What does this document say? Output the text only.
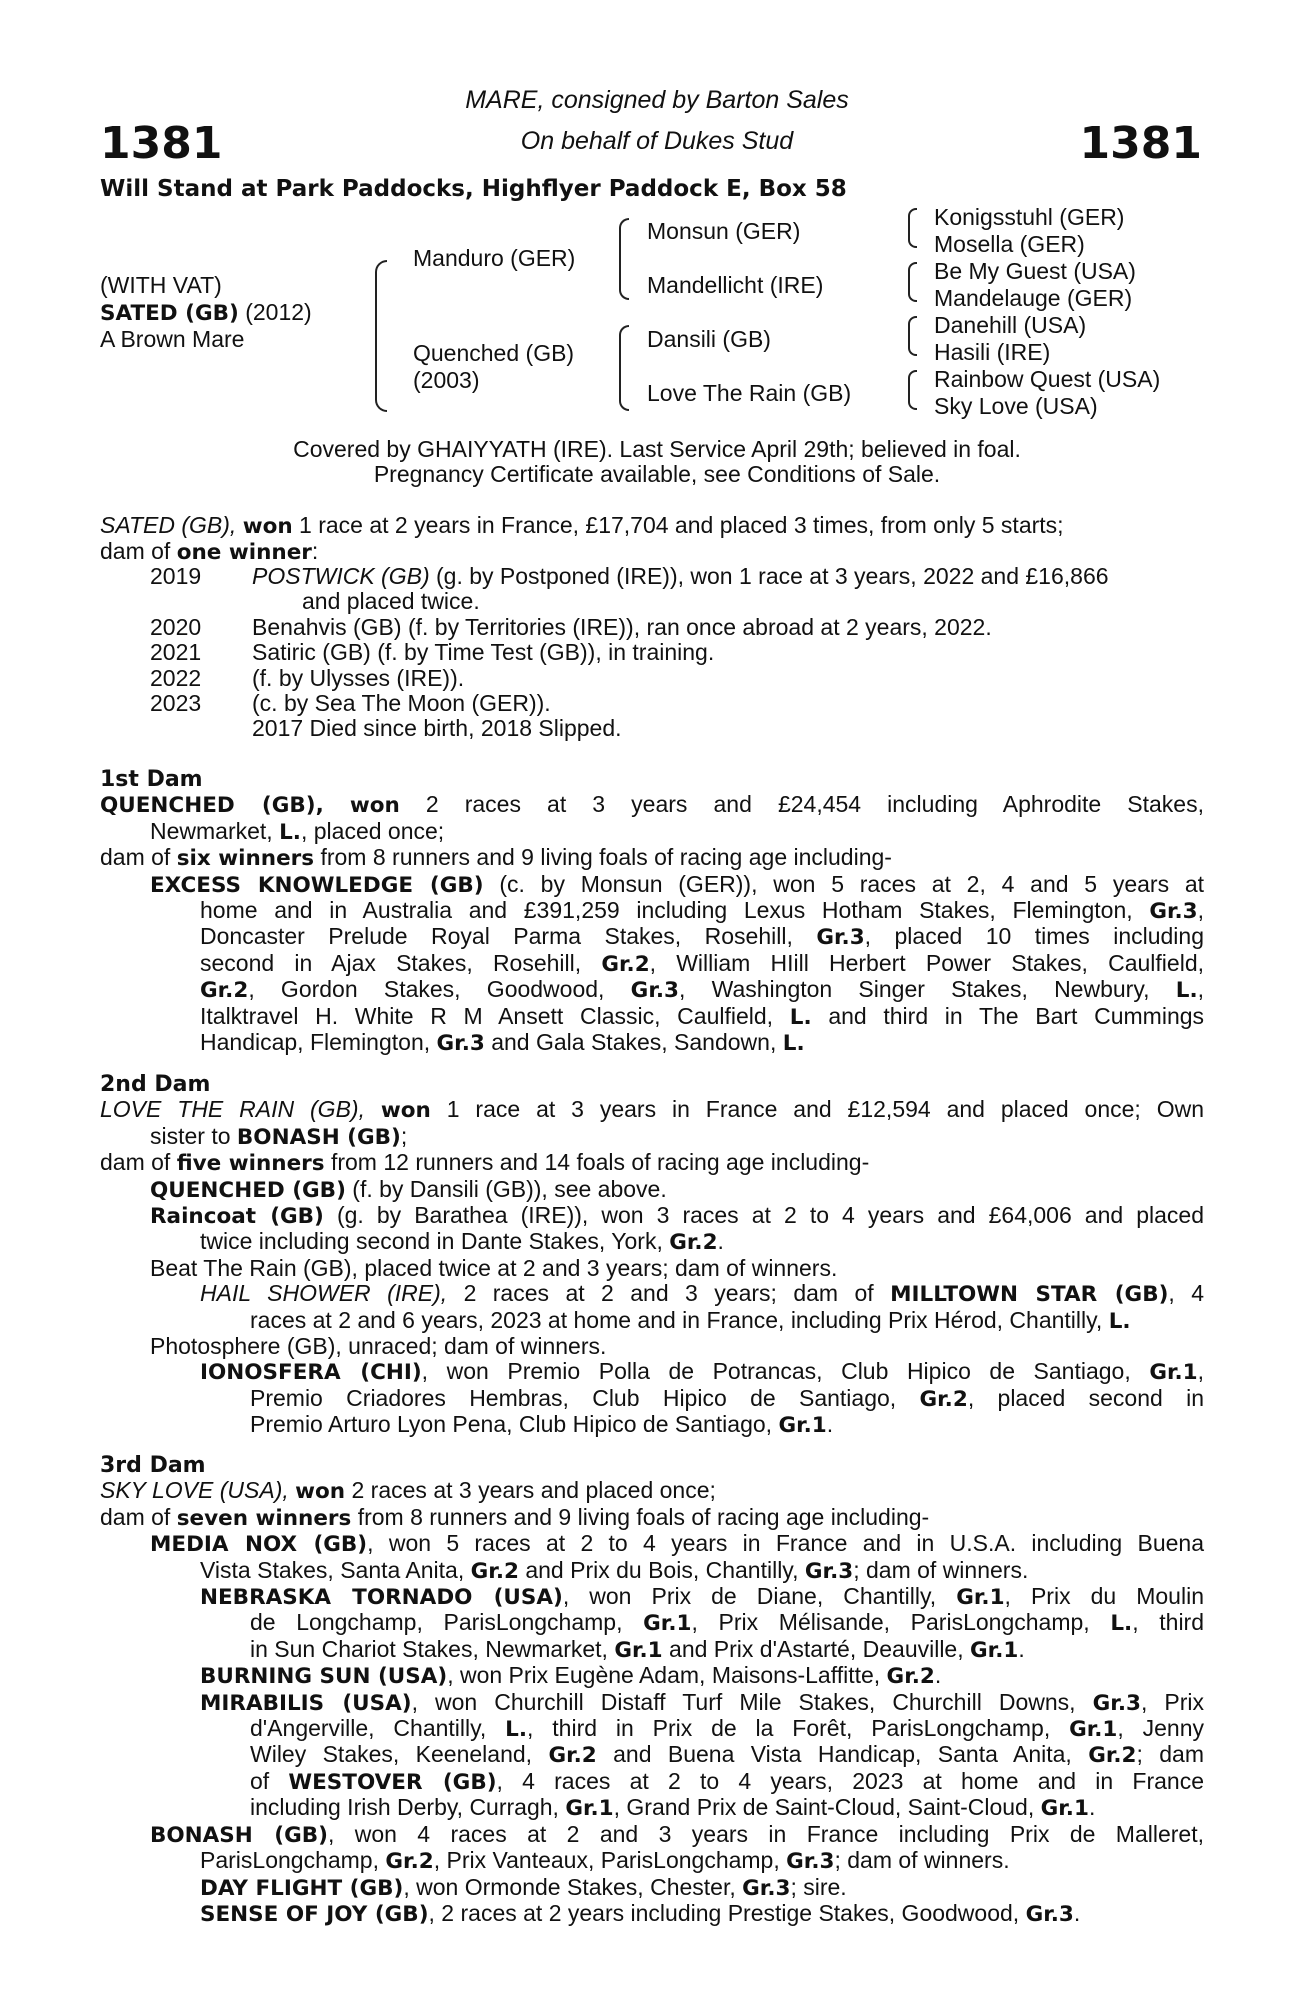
1381	1381
MARE, consigned by Barton Sales
On behalf of Dukes Stud
Will Stand at Park Paddocks, Highflyer Paddock E, Box 58
(WITH VAT)
SATED (GB) (2012)
A Brown Mare
Manduro (GER)
Quenched (GB)
(2003)
Monsun (GER)
Mandellicht (IRE)
Dansili (GB)
Love The Rain (GB)
Konigsstuhl (GER)
Mosella (GER)
Be My Guest (USA)
Mandelauge (GER)
Danehill (USA)
Hasili (IRE)
Rainbow Quest (USA)
Sky Love (USA)
Covered by GHAIYYATH (IRE). Last Service April 29th; believed in foal.
Pregnancy Certificate available, see Conditions of Sale.

SATED (GB), won 1 race at 2 years in France, £17,704 and placed 3 times, from only 5 starts;

dam of one winner:

2019 POSTWICK (GB) (g. by Postponed (IRE)), won 1 race at 3 years, 2022 and £16,866
and placed twice.
2020 Benahvis (GB) (f. by Territories (IRE)), ran once abroad at 2 years, 2022.
2021 Satiric (GB) (f. by Time Test (GB)), in training.
2022 (f. by Ulysses (IRE)).
2023 (c. by Sea The Moon (GER)).
2017 Died since birth, 2018 Slipped.

1st Dam

QUENCHED (GB), won 2 races at 3 years and £24,454 including Aphrodite Stakes,

Newmarket, L., placed once;

dam of six winners from 8 runners and 9 living foals of racing age including-

EXCESS KNOWLEDGE (GB) (c. by Monsun (GER)), won 5 races at 2, 4 and 5 years at

home and in Australia and £391,259 including Lexus Hotham Stakes, Flemington, Gr.3,

Doncaster Prelude Royal Parma Stakes, Rosehill, Gr.3, placed 10 times including

second in Ajax Stakes, Rosehill, Gr.2, William HIill Herbert Power Stakes, Caulfield,

Gr.2, Gordon Stakes, Goodwood, Gr.3, Washington Singer Stakes, Newbury, L.,

Italktravel H. White R M Ansett Classic, Caulfield, L. and third in The Bart Cummings

Handicap, Flemington, Gr.3 and Gala Stakes, Sandown, L.

2nd Dam

LOVE THE RAIN (GB), won 1 race at 3 years in France and £12,594 and placed once; Own

sister to BONASH (GB);

dam of five winners from 12 runners and 14 foals of racing age including-

QUENCHED (GB) (f. by Dansili (GB)), see above.

Raincoat (GB) (g. by Barathea (IRE)), won 3 races at 2 to 4 years and £64,006 and placed

twice including second in Dante Stakes, York, Gr.2.

Beat The Rain (GB), placed twice at 2 and 3 years; dam of winners.

HAIL SHOWER (IRE), 2 races at 2 and 3 years; dam of MILLTOWN STAR (GB), 4

races at 2 and 6 years, 2023 at home and in France, including Prix Hérod, Chantilly, L.

Photosphere (GB), unraced; dam of winners.

IONOSFERA (CHI), won Premio Polla de Potrancas, Club Hipico de Santiago, Gr.1,

Premio Criadores Hembras, Club Hipico de Santiago, Gr.2, placed second in

Premio Arturo Lyon Pena, Club Hipico de Santiago, Gr.1.

3rd Dam

SKY LOVE (USA), won 2 races at 3 years and placed once;

dam of seven winners from 8 runners and 9 living foals of racing age including-

MEDIA NOX (GB), won 5 races at 2 to 4 years in France and in U.S.A. including Buena

Vista Stakes, Santa Anita, Gr.2 and Prix du Bois, Chantilly, Gr.3; dam of winners.

NEBRASKA TORNADO (USA), won Prix de Diane, Chantilly, Gr.1, Prix du Moulin

de Longchamp, ParisLongchamp, Gr.1, Prix Mélisande, ParisLongchamp, L., third

in Sun Chariot Stakes, Newmarket, Gr.1 and Prix d'Astarté, Deauville, Gr.1.

BURNING SUN (USA), won Prix Eugène Adam, Maisons-Laffitte, Gr.2.

MIRABILIS (USA), won Churchill Distaff Turf Mile Stakes, Churchill Downs, Gr.3, Prix

d'Angerville, Chantilly, L., third in Prix de la Forêt, ParisLongchamp, Gr.1, Jenny

Wiley Stakes, Keeneland, Gr.2 and Buena Vista Handicap, Santa Anita, Gr.2; dam

of WESTOVER (GB), 4 races at 2 to 4 years, 2023 at home and in France

including Irish Derby, Curragh, Gr.1, Grand Prix de Saint-Cloud, Saint-Cloud, Gr.1.

BONASH (GB), won 4 races at 2 and 3 years in France including Prix de Malleret,

ParisLongchamp, Gr.2, Prix Vanteaux, ParisLongchamp, Gr.3; dam of winners.

DAY FLIGHT (GB), won Ormonde Stakes, Chester, Gr.3; sire.

SENSE OF JOY (GB), 2 races at 2 years including Prestige Stakes, Goodwood, Gr.3.
